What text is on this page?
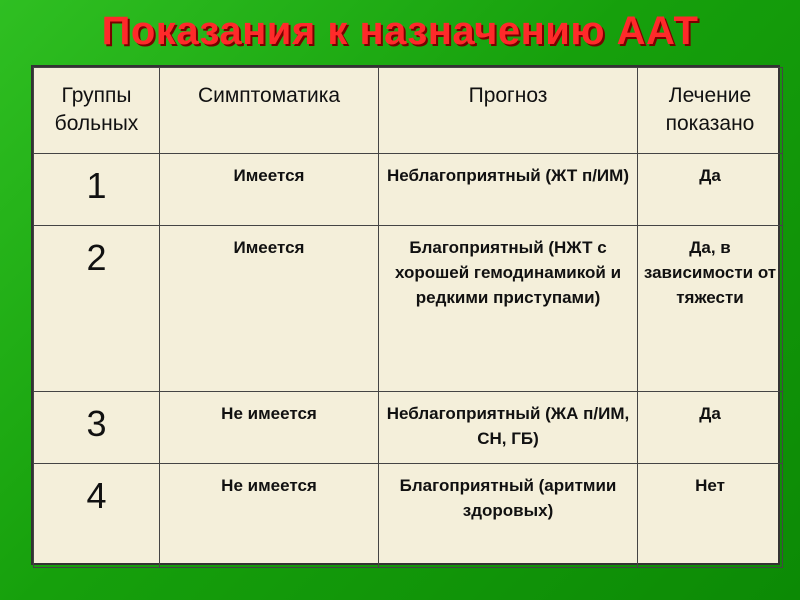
Показания к назначению ААТ
Группы больных	Симптоматика	Прогноз	Лечение показано
1	Имеется	Неблагоприятный (ЖТ п/ИМ)	Да
2	Имеется	Благоприятный (НЖТ с хорошей гемодинамикой и редкими приступами)	Да, в зависимости от тяжести
3	Не имеется	Неблагоприятный (ЖА п/ИМ, СН, ГБ)	Да
4	Не имеется	Благоприятный (аритмии здоровых)	Нет
